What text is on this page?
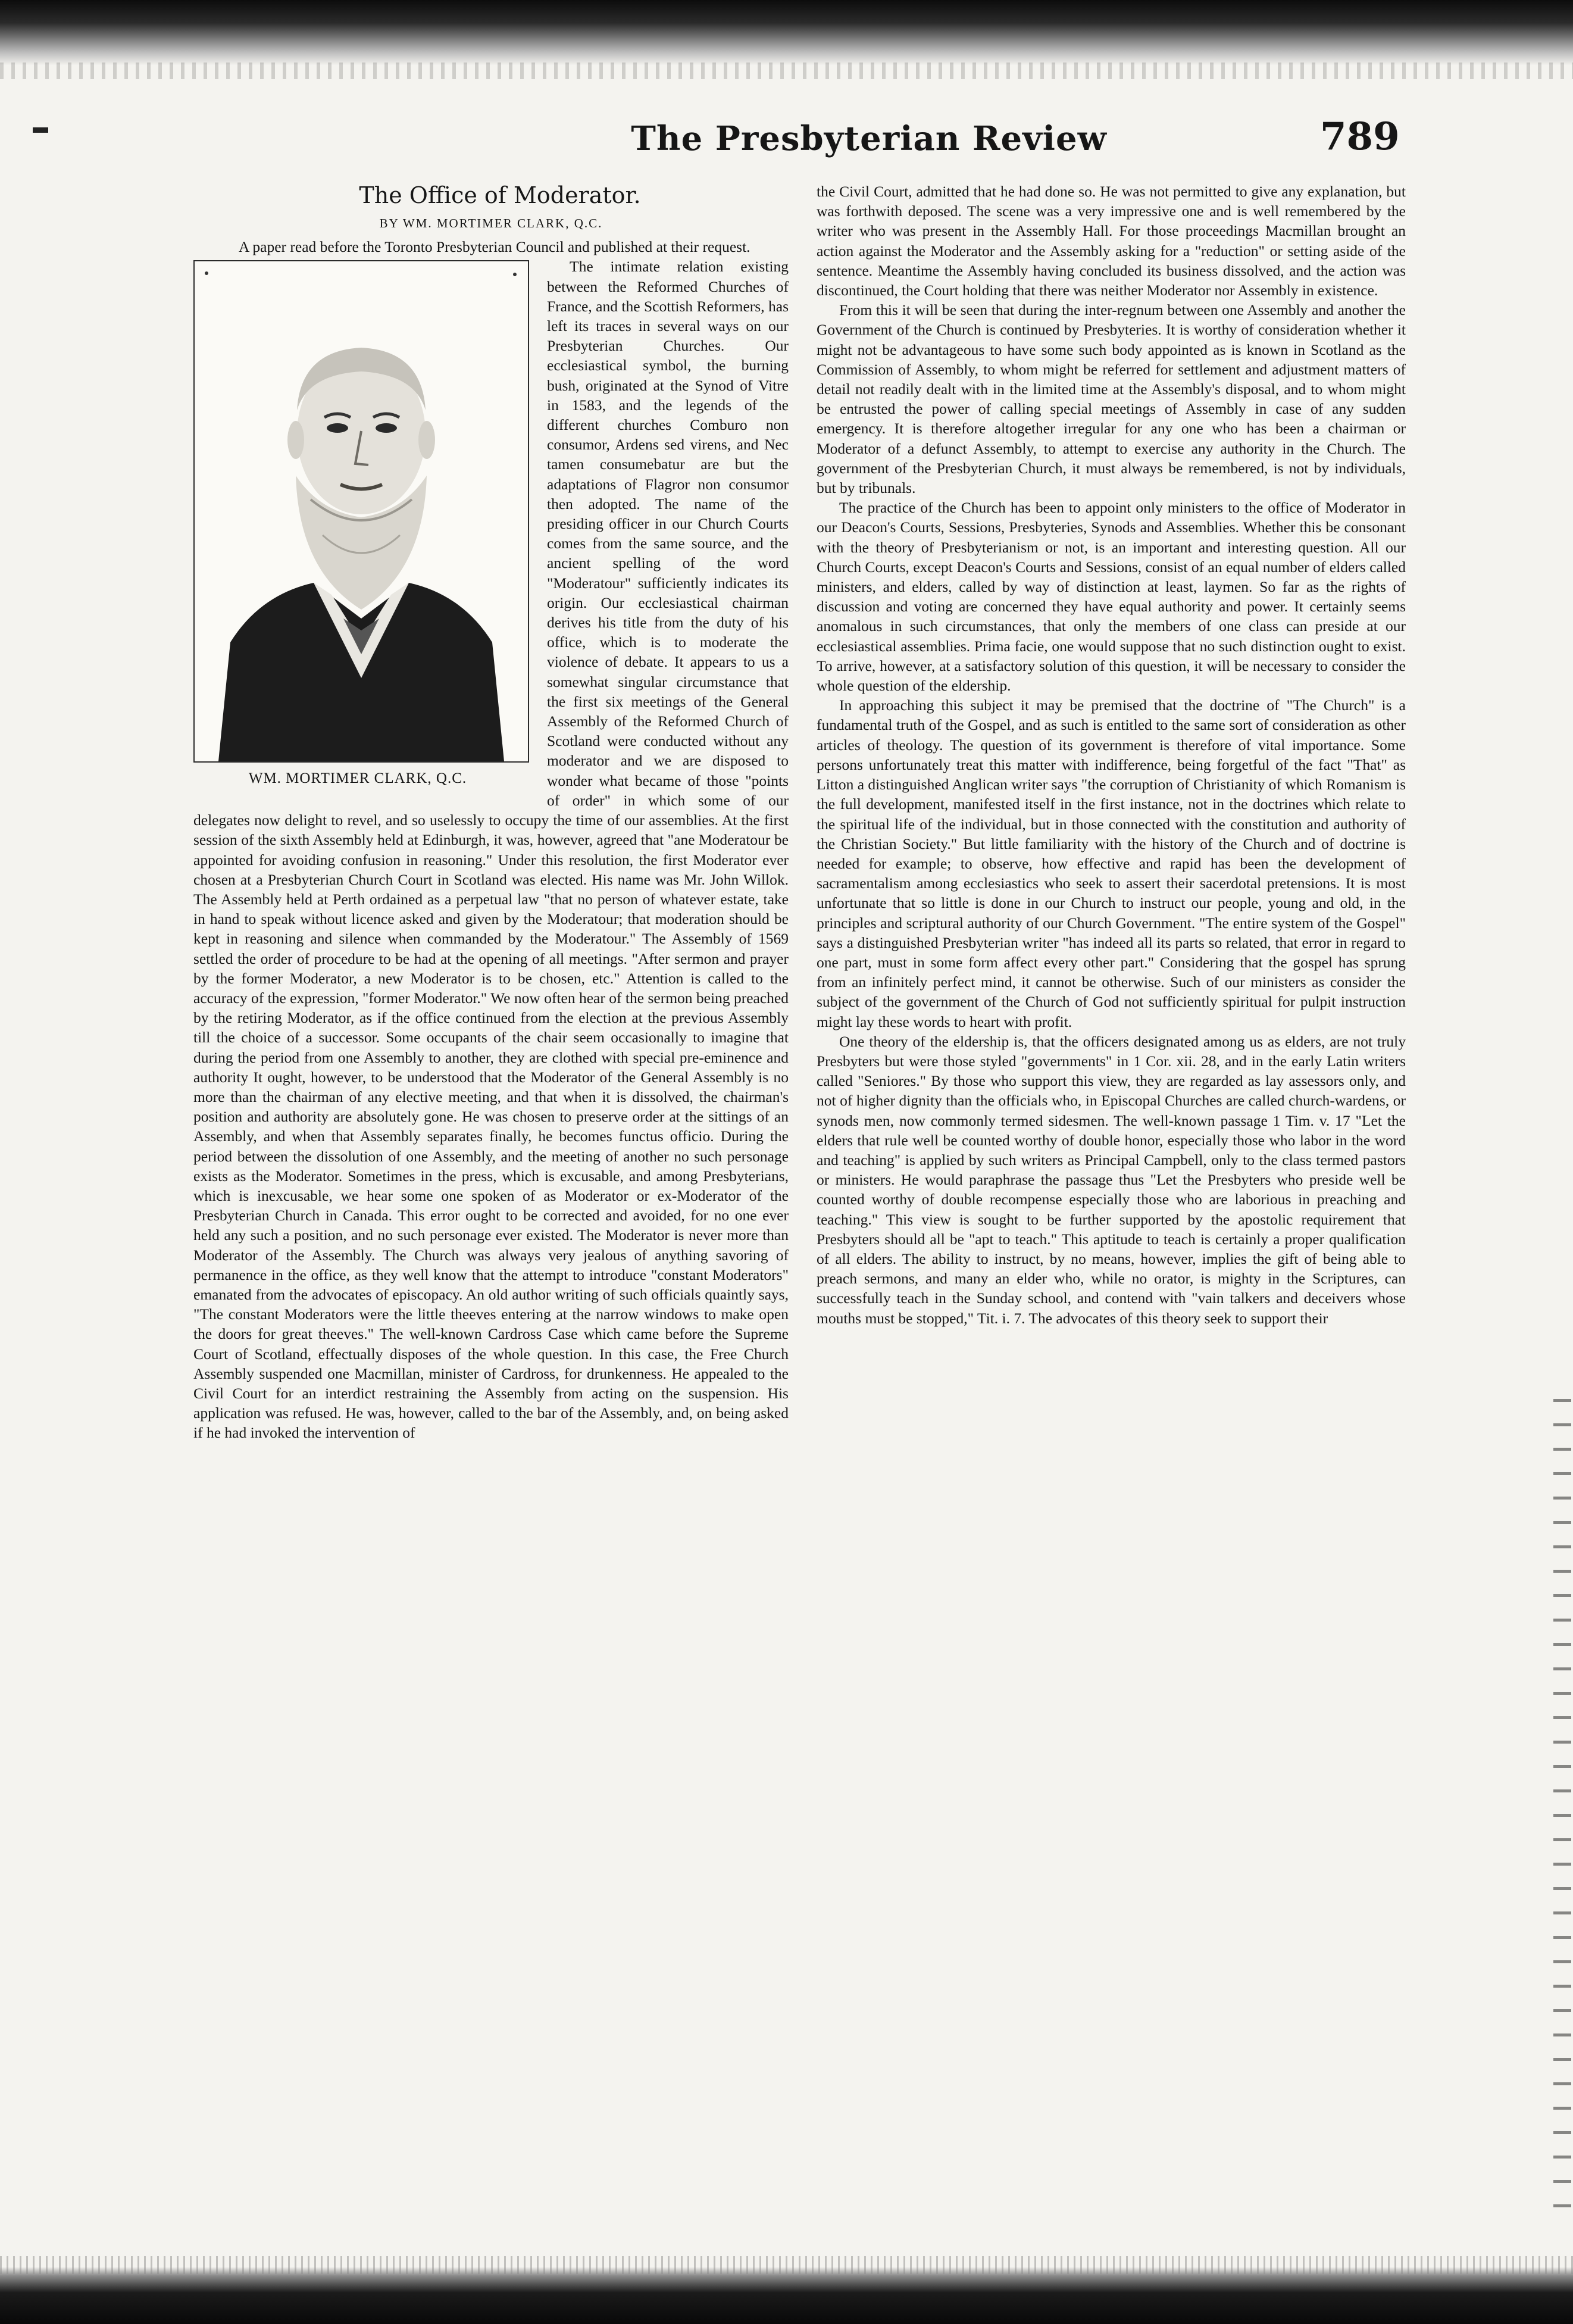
The Presbyterian Review	789
The Office of Moderator.
BY WM. MORTIMER CLARK, Q.C.

A paper read before the Toronto Presbyterian Council and published at their request.

WM. MORTIMER CLARK, Q.C.

The intimate relation existing between the Reformed Churches of France, and the Scottish Reformers, has left its traces in several ways on our Presbyterian Churches. Our ecclesiastical symbol, the burning bush, originated at the Synod of Vitre in 1583, and the legends of the different churches Comburo non consumor, Ardens sed virens, and Nec tamen consumebatur are but the adaptations of Flagror non consumor then adopted. The name of the presiding officer in our Church Courts comes from the same source, and the ancient spelling of the word "Moderatour" sufficiently indicates its origin. Our ecclesiastical chairman derives his title from the duty of his office, which is to moderate the violence of debate. It appears to us a somewhat singular circumstance that the first six meetings of the General Assembly of the Reformed Church of Scotland were conducted without any moderator and we are disposed to wonder what became of those "points of order" in which some of our delegates now delight to revel, and so uselessly to occupy the time of our assemblies. At the first session of the sixth Assembly held at Edinburgh, it was, however, agreed that "ane Moderatour be appointed for avoiding confusion in reasoning." Under this resolution, the first Moderator ever chosen at a Presbyterian Church Court in Scotland was elected. His name was Mr. John Willok. The Assembly held at Perth ordained as a perpetual law "that no person of whatever estate, take in hand to speak without licence asked and given by the Moderatour; that moderation should be kept in reasoning and silence when commanded by the Moderatour." The Assembly of 1569 settled the order of procedure to be had at the opening of all meetings. "After sermon and prayer by the former Moderator, a new Moderator is to be chosen, etc." Attention is called to the accuracy of the expression, "former Moderator." We now often hear of the sermon being preached by the retiring Moderator, as if the office continued from the election at the previous Assembly till the choice of a successor. Some occupants of the chair seem occasionally to imagine that during the period from one Assembly to another, they are clothed with special pre-eminence and authority It ought, however, to be understood that the Moderator of the General Assembly is no more than the chairman of any elective meeting, and that when it is dissolved, the chairman's position and authority are absolutely gone. He was chosen to preserve order at the sittings of an Assembly, and when that Assembly separates finally, he becomes functus officio. During the period between the dissolution of one Assembly, and the meeting of another no such personage exists as the Moderator. Sometimes in the press, which is excusable, and among Presbyterians, which is inexcusable, we hear some one spoken of as Moderator or ex-Moderator of the Presbyterian Church in Canada. This error ought to be corrected and avoided, for no one ever held any such a position, and no such personage ever existed. The Moderator is never more than Moderator of the Assembly. The Church was always very jealous of anything savoring of permanence in the office, as they well know that the attempt to introduce "constant Moderators" emanated from the advocates of episcopacy. An old author writing of such officials quaintly says, "The constant Moderators were the little theeves entering at the narrow windows to make open the doors for great theeves." The well-known Cardross Case which came before the Supreme Court of Scotland, effectually disposes of the whole question. In this case, the Free Church Assembly suspended one Macmillan, minister of Cardross, for drunkenness. He appealed to the Civil Court for an interdict restraining the Assembly from acting on the suspension. His application was refused. He was, however, called to the bar of the Assembly, and, on being asked if he had invoked the intervention of

the Civil Court, admitted that he had done so. He was not permitted to give any explanation, but was forthwith deposed. The scene was a very impressive one and is well remembered by the writer who was present in the Assembly Hall. For those proceedings Macmillan brought an action against the Moderator and the Assembly asking for a "reduction" or setting aside of the sentence. Meantime the Assembly having concluded its business dissolved, and the action was discontinued, the Court holding that there was neither Moderator nor Assembly in existence.

From this it will be seen that during the inter-regnum between one Assembly and another the Government of the Church is continued by Presbyteries. It is worthy of consideration whether it might not be advantageous to have some such body appointed as is known in Scotland as the Commission of Assembly, to whom might be referred for settlement and adjustment matters of detail not readily dealt with in the limited time at the Assembly's disposal, and to whom might be entrusted the power of calling special meetings of Assembly in case of any sudden emergency. It is therefore altogether irregular for any one who has been a chairman or Moderator of a defunct Assembly, to attempt to exercise any authority in the Church. The government of the Presbyterian Church, it must always be remembered, is not by individuals, but by tribunals.

The practice of the Church has been to appoint only ministers to the office of Moderator in our Deacon's Courts, Sessions, Presbyteries, Synods and Assemblies. Whether this be consonant with the theory of Presbyterianism or not, is an important and interesting question. All our Church Courts, except Deacon's Courts and Sessions, consist of an equal number of elders called ministers, and elders, called by way of distinction at least, laymen. So far as the rights of discussion and voting are concerned they have equal authority and power. It certainly seems anomalous in such circumstances, that only the members of one class can preside at our ecclesiastical assemblies. Prima facie, one would suppose that no such distinction ought to exist. To arrive, however, at a satisfactory solution of this question, it will be necessary to consider the whole question of the eldership.

In approaching this subject it may be premised that the doctrine of "The Church" is a fundamental truth of the Gospel, and as such is entitled to the same sort of consideration as other articles of theology. The question of its government is therefore of vital importance. Some persons unfortunately treat this matter with indifference, being forgetful of the fact "That" as Litton a distinguished Anglican writer says "the corruption of Christianity of which Romanism is the full development, manifested itself in the first instance, not in the doctrines which relate to the spiritual life of the individual, but in those connected with the constitution and authority of the Christian Society." But little familiarity with the history of the Church and of doctrine is needed for example; to observe, how effective and rapid has been the development of sacramentalism among ecclesiastics who seek to assert their sacerdotal pretensions. It is most unfortunate that so little is done in our Church to instruct our people, young and old, in the principles and scriptural authority of our Church Government. "The entire system of the Gospel" says a distinguished Presbyterian writer "has indeed all its parts so related, that error in regard to one part, must in some form affect every other part." Considering that the gospel has sprung from an infinitely perfect mind, it cannot be otherwise. Such of our ministers as consider the subject of the government of the Church of God not sufficiently spiritual for pulpit instruction might lay these words to heart with profit.

One theory of the eldership is, that the officers designated among us as elders, are not truly Presbyters but were those styled "governments" in 1 Cor. xii. 28, and in the early Latin writers called "Seniores." By those who support this view, they are regarded as lay assessors only, and not of higher dignity than the officials who, in Episcopal Churches are called church-wardens, or synods men, now commonly termed sidesmen. The well-known passage 1 Tim. v. 17 "Let the elders that rule well be counted worthy of double honor, especially those who labor in the word and teaching" is applied by such writers as Principal Campbell, only to the class termed pastors or ministers. He would paraphrase the passage thus "Let the Presbyters who preside well be counted worthy of double recompense especially those who are laborious in preaching and teaching." This view is sought to be further supported by the apostolic requirement that Presbyters should all be "apt to teach." This aptitude to teach is certainly a proper qualification of all elders. The ability to instruct, by no means, however, implies the gift of being able to preach sermons, and many an elder who, while no orator, is mighty in the Scriptures, can successfully teach in the Sunday school, and contend with "vain talkers and deceivers whose mouths must be stopped," Tit. i. 7. The advocates of this theory seek to support their
